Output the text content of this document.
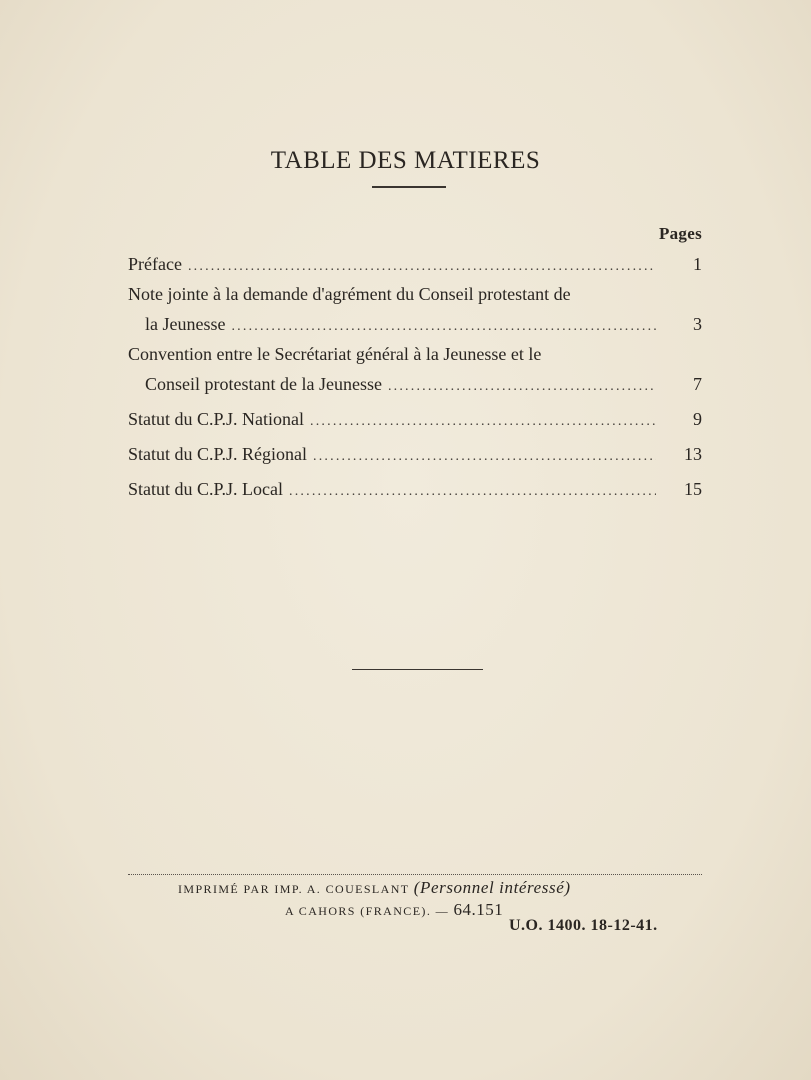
TABLE DES MATIERES
Pages
Préface .....	1
Note jointe à la demande d'agrément du Conseil protestant de
la Jeunesse .....	3
Convention entre le Secrétariat général à la Jeunesse et le
Conseil protestant de la Jeunesse .....	7
Statut du C.P.J. National .....	9
Statut du C.P.J. Régional .....	13
Statut du C.P.J. Local .....	15
IMPRIMÉ PAR IMP. A. COUESLANT (Personnel intéressé)
A CAHORS (FRANCE). — 64.151
U.O. 1400. 18-12-41.
